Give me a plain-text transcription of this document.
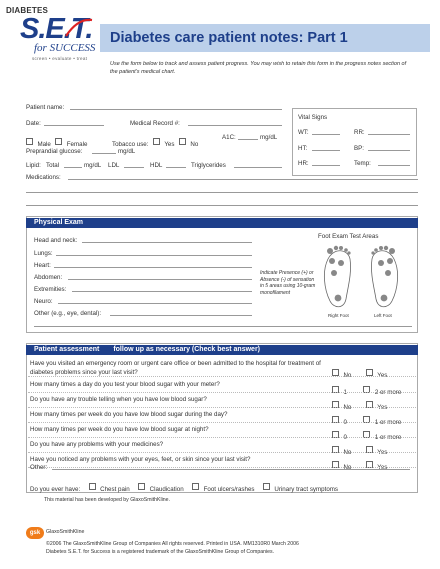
DIABETES
S.E.T.
for SUCCESS
screen • evaluate • treat
Diabetes care patient notes: Part 1
Use the form below to track and assess patient progress. You may wish to retain this form in the progress notes section of the patient’s medical chart.
Patient name:
Date:	Medical Record #:
Male	Female	Tobacco use:	Yes	No
A1C:	mg/dL
Preprandial glucose:	mg/dL
Lipid: Total	mg/dL LDL	HDL	Triglycerides
Medications:
Vital Signs
WT:	RR:
HT:	BP:
HR:	Temp:
Physical Exam
Head and neck:
Lungs:
Heart:
Abdomen:
Extremities:
Neuro:
Other (e.g., eye, dental):
Foot Exam Test Areas
Indicate Presence (+) or Absence (-) of sensation in 5 areas using 10-gram monofilament
Right Foot	Left Foot
Patient assessment follow up as necessary (Check best answer)
Have you visited an emergency room or urgent care office or been admitted to the hospital for treatment of diabetes problems since your last visit?	No	Yes
How many times a day do you test your blood sugar with your meter?
1	2 or more
Do you have any trouble telling when you have low blood sugar?
No	Yes
How many times per week do you have low blood sugar during the day?
0	1 or more
How many times per week do you have low blood sugar at night?
0	1 or more
Do you have any problems with your medicines?
No	Yes
Have you noticed any problems with your eyes, feet, or skin since your last visit?
No	Yes
Other:
Do you ever have:	Chest pain	Claudication	Foot ulcers/rashes	Urinary tract symptoms
This material has been developed by GlaxoSmithKline.
gsk	GlaxoSmithKline
©2006 The GlaxoSmithKline Group of Companies All rights reserved. Printed in USA. MM1310R0 March 2006
Diabetes S.E.T. for Success is a registered trademark of the GlaxoSmithKline Group of Companies.
